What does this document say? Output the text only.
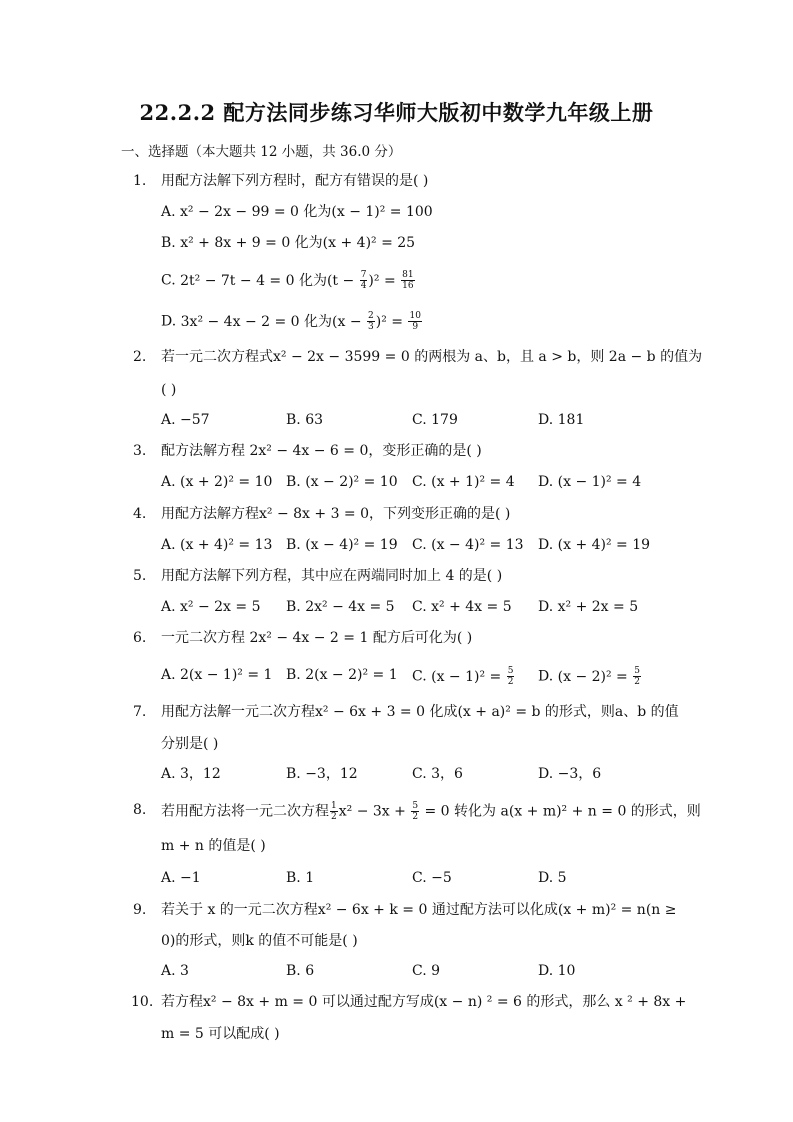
22.2.2 配方法同步练习华师大版初中数学九年级上册
一、选择题（本大题共 12 小题，共 36.0 分）
1. 用配方法解下列方程时，配方有错误的是( )
A. x² − 2x − 99 = 0 化为(x − 1)² = 100
B. x² + 8x + 9 = 0 化为(x + 4)² = 25
C. 2t² − 7t − 4 = 0 化为$(t - \frac{7}{4} )^2 = \frac{81}{16}$
D. 3x² − 4x − 2 = 0 化为$(x - \frac{2}{3} )^2 = \frac{10}{9}$
2. 若一元二次方程式x² − 2x − 3599 = 0 的两根为 a、b，且 a > b，则 2a − b 的值为
( )
A. −57	B. 63	C. 179	D. 181
3. 配方法解方程 2x² − 4x − 6 = 0，变形正确的是( )
A. (x + 2)² = 10 B. (x − 2)² = 10 C. (x + 1)² = 4 D. (x − 1)² = 4
4. 用配方法解方程x² − 8x + 3 = 0，下列变形正确的是( )
A. (x + 4)² = 13 B. (x − 4)² = 19 C. (x − 4)² = 13 D. (x + 4)² = 19
5. 用配方法解下列方程，其中应在两端同时加上 4 的是( )
A. x² − 2x = 5 B. 2x² − 4x = 5 C. x² + 4x = 5 D. x² + 2x = 5
6. 一元二次方程 2x² − 4x − 2 = 1 配方后可化为( )
A. 2(x − 1)² = 1 B. 2(x − 2)² = 1 C. $(x - 1)^2 = \frac{5}{2} D$. $(x - 2)^2 = \frac{5}{2}$
7. 用配方法解一元二次方程x² − 6x + 3 = 0 化成(x + a)² = b 的形式，则a、b 的值
分别是( )
A. 3，12	B. −3，12	C. 3，6	D. −3，6
8. 若用配方法将一元二次方程 $\frac{1}{2} x^2 - 3x + \frac{5}{2} = 0$ 转化为 a(x + m)² + n = 0 的形式，则
m + n 的值是( )
A. −1	B. 1	C. −5	D. 5
9. 若关于 x 的一元二次方程x² − 6x + k = 0 通过配方法可以化成(x + m)² = n(n ≥
0)的形式，则k 的值不可能是( )
A. 3	B. 6	C. 9	D. 10
10. 若方程x² − 8x + m = 0 可以通过配方写成(x − n) ² = 6 的形式，那么 x ² + 8x +
m = 5 可以配成( )
